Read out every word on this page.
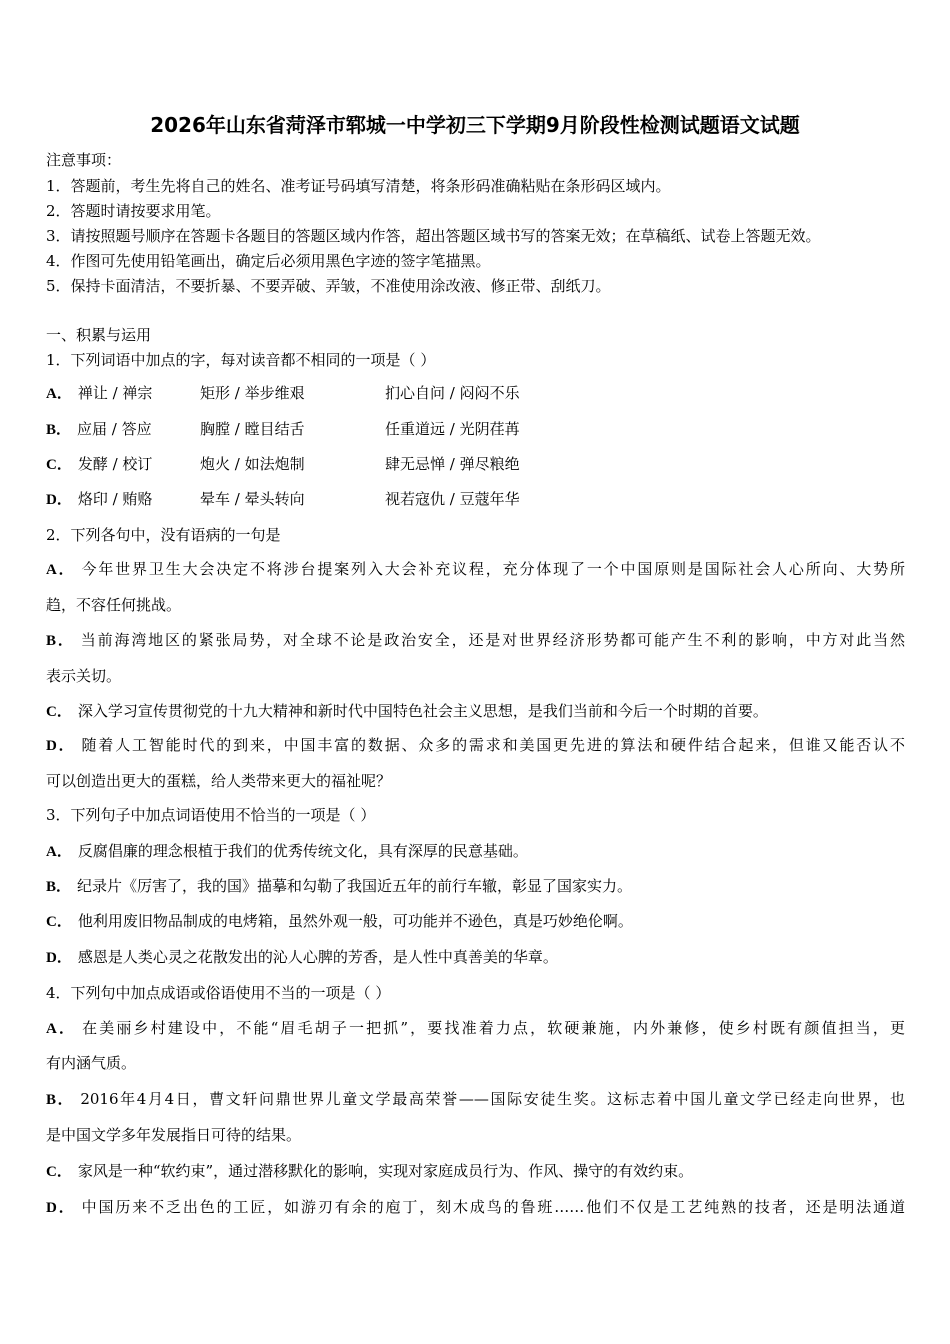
2026年山东省菏泽市郓城一中学初三下学期9月阶段性检测试题语文试题
注意事项：
1．答题前，考生先将自己的姓名、准考证号码填写清楚，将条形码准确粘贴在条形码区域内。
2．答题时请按要求用笔。
3．请按照题号顺序在答题卡各题目的答题区域内作答，超出答题区域书写的答案无效；在草稿纸、试卷上答题无效。
4．作图可先使用铅笔画出，确定后必须用黑色字迹的签字笔描黑。
5．保持卡面清洁，不要折暴、不要弄破、弄皱，不准使用涂改液、修正带、刮纸刀。
一、积累与运用
1．下列词语中加点的字，每对读音都不相同的一项是（ ）
A． 禅让 / 禅宗	矩形 / 举步维艰	扪心自问 / 闷闷不乐
B． 应届 / 答应	胸膛 / 瞠目结舌	任重道远 / 光阴荏苒
C． 发酵 / 校订	炮火 / 如法炮制	肆无忌惮 / 弹尽粮绝
D． 烙印 / 贿赂	晕车 / 晕头转向	视若寇仇 / 豆蔻年华
2．下列各句中，没有语病的一句是
A． 今年世界卫生大会决定不将涉台提案列入大会补充议程，充分体现了一个中国原则是国际社会人心所向、大势所
趋，不容任何挑战。
B． 当前海湾地区的紧张局势，对全球不论是政治安全，还是对世界经济形势都可能产生不利的影响，中方对此当然
表示关切。
C． 深入学习宣传贯彻党的十九大精神和新时代中国特色社会主义思想，是我们当前和今后一个时期的首要。
D． 随着人工智能时代的到来，中国丰富的数据、众多的需求和美国更先进的算法和硬件结合起来，但谁又能否认不
可以创造出更大的蛋糕，给人类带来更大的福祉呢？
3．下列句子中加点词语使用不恰当的一项是（ ）
A． 反腐倡廉的理念根植于我们的优秀传统文化，具有深厚的民意基础。
B． 纪录片《厉害了，我的国》描摹和勾勒了我国近五年的前行车辙，彰显了国家实力。
C． 他利用废旧物品制成的电烤箱，虽然外观一般，可功能并不逊色，真是巧妙绝伦啊。
D． 感恩是人类心灵之花散发出的沁人心脾的芳香，是人性中真善美的华章。
4．下列句中加点成语或俗语使用不当的一项是（ ）
A． 在美丽乡村建设中，不能“眉毛胡子一把抓”，要找准着力点，软硬兼施，内外兼修，使乡村既有颜值担当，更
有内涵气质。
B． 2016年4月4日，曹文轩问鼎世界儿童文学最高荣誉——国际安徒生奖。这标志着中国儿童文学已经走向世界，也
是中国文学多年发展指日可待的结果。
C． 家风是一种“软约束”，通过潜移默化的影响，实现对家庭成员行为、作风、操守的有效约束。
D． 中国历来不乏出色的工匠，如游刃有余的庖丁，刻木成鸟的鲁班……他们不仅是工艺纯熟的技者，还是明法通道
